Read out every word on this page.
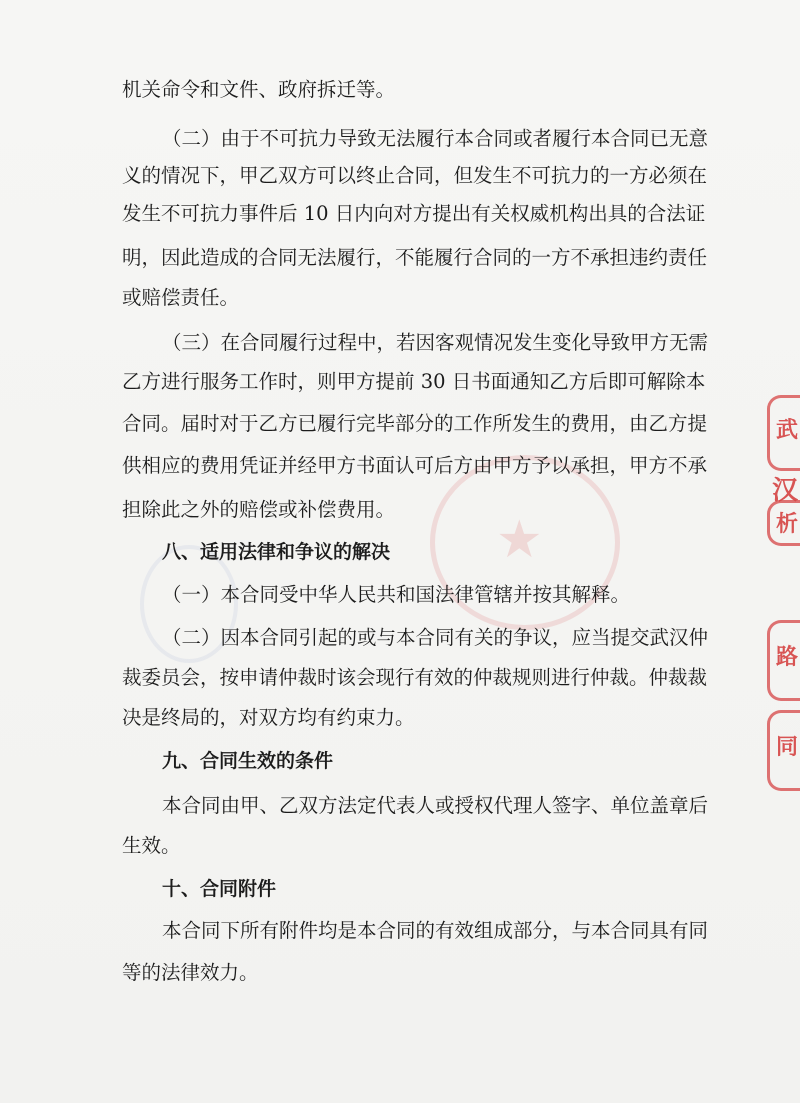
★
机关命令和文件、政府拆迁等。
（二）由于不可抗力导致无法履行本合同或者履行本合同已无意
义的情况下，甲乙双方可以终止合同，但发生不可抗力的一方必须在
发生不可抗力事件后 10 日内向对方提出有关权威机构出具的合法证
明，因此造成的合同无法履行，不能履行合同的一方不承担违约责任
或赔偿责任。
（三）在合同履行过程中，若因客观情况发生变化导致甲方无需
乙方进行服务工作时，则甲方提前 30 日书面通知乙方后即可解除本
合同。届时对于乙方已履行完毕部分的工作所发生的费用，由乙方提
供相应的费用凭证并经甲方书面认可后方由甲方予以承担，甲方不承
担除此之外的赔偿或补偿费用。
八、适用法律和争议的解决
（一）本合同受中华人民共和国法律管辖并按其解释。
（二）因本合同引起的或与本合同有关的争议，应当提交武汉仲
裁委员会，按申请仲裁时该会现行有效的仲裁规则进行仲裁。仲裁裁
决是终局的，对双方均有约束力。
九、合同生效的条件
本合同由甲、乙双方法定代表人或授权代理人签字、单位盖章后
生效。
十、合同附件
本合同下所有附件均是本合同的有效组成部分，与本合同具有同
等的法律效力。
武
汉
析
路
同
